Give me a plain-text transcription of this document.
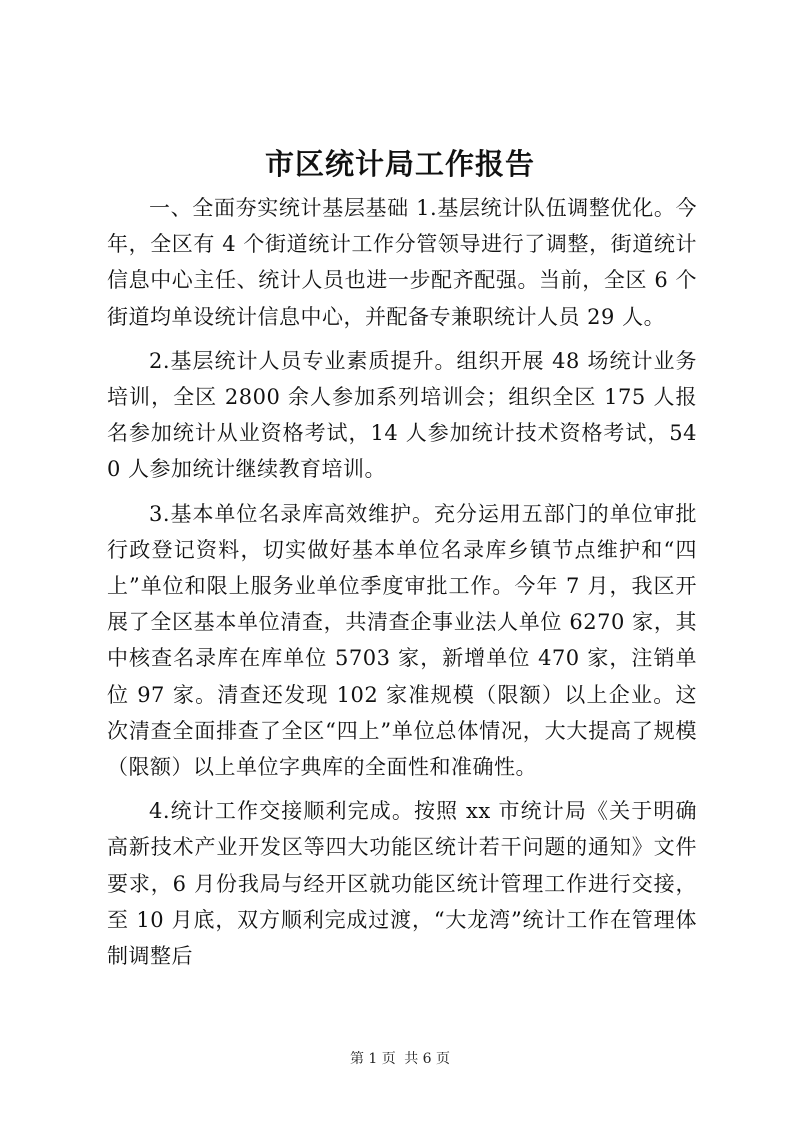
市区统计局工作报告

一、全面夯实统计基层基础 1.基层统计队伍调整优化。今年，全区有 4 个街道统计工作分管领导进行了调整，街道统计信息中心主任、统计人员也进一步配齐配强。当前，全区 6 个街道均单设统计信息中心，并配备专兼职统计人员 29 人。

2.基层统计人员专业素质提升。组织开展 48 场统计业务培训，全区 2800 余人参加系列培训会；组织全区 175 人报名参加统计从业资格考试，14 人参加统计技术资格考试，540 人参加统计继续教育培训。

3.基本单位名录库高效维护。充分运用五部门的单位审批行政登记资料，切实做好基本单位名录库乡镇节点维护和“四上”单位和限上服务业单位季度审批工作。今年 7 月，我区开展了全区基本单位清查，共清查企事业法人单位 6270 家，其中核查名录库在库单位 5703 家，新增单位 470 家，注销单位 97 家。清查还发现 102 家准规模（限额）以上企业。这次清查全面排查了全区“四上”单位总体情况，大大提高了规模（限额）以上单位字典库的全面性和准确性。

4.统计工作交接顺利完成。按照 xx 市统计局《关于明确高新技术产业开发区等四大功能区统计若干问题的通知》文件要求，6 月份我局与经开区就功能区统计管理工作进行交接，至 10 月底，双方顺利完成过渡，“大龙湾”统计工作在管理体制调整后

第 1 页 共 6 页
